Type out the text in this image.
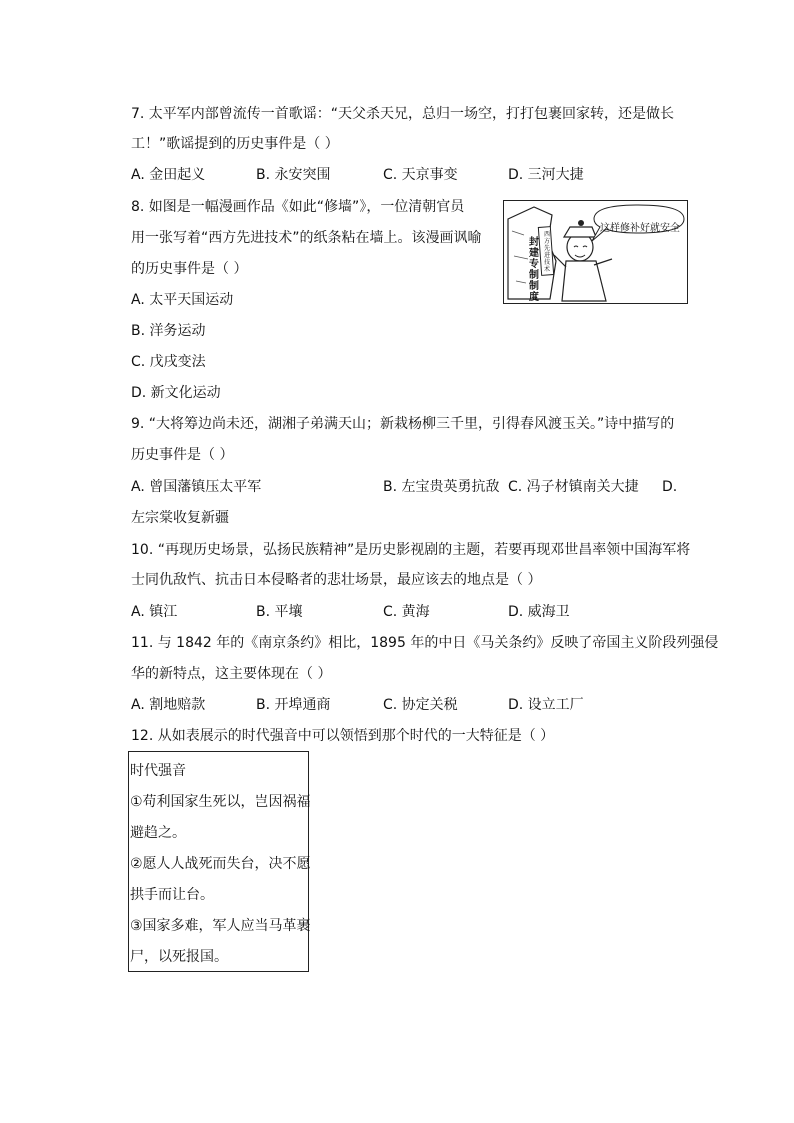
7. 太平军内部曾流传一首歌谣：“天父杀天兄，总归一场空，打打包裹回家转，还是做长
工！”歌谣提到的历史事件是（ ）
A. 金田起义	B. 永安突围	C. 天京事变	D. 三河大捷
8. 如图是一幅漫画作品《如此“修墙”》，一位清朝官员
用一张写着“西方先进技术”的纸条粘在墙上。该漫画讽喻
的历史事件是（ ）
A. 太平天国运动
B. 洋务运动
C. 戊戌变法
D. 新文化运动
这样修补好就安全
封建专制制度
西方先进技术
9. “大将筹边尚未还，湖湘子弟满天山；新栽杨柳三千里，引得春风渡玉关。”诗中描写的
历史事件是（ ）
A. 曾国藩镇压太平军	B. 左宝贵英勇抗敌 C. 冯子材镇南关大捷 D.
左宗棠收复新疆
10. “再现历史场景，弘扬民族精神”是历史影视剧的主题，若要再现邓世昌率领中国海军将
士同仇敌忾、抗击日本侵略者的悲壮场景，最应该去的地点是（ ）
A. 镇江	B. 平壤	C. 黄海	D. 威海卫
11. 与 1842 年的《南京条约》相比，1895 年的中日《马关条约》反映了帝国主义阶段列强侵
华的新特点，这主要体现在（ ）
A. 割地赔款	B. 开埠通商	C. 协定关税	D. 设立工厂
12. 从如表展示的时代强音中可以领悟到那个时代的一大特征是（ ）
时代强音
①苟利国家生死以，岂因祸福
避趋之。
②愿人人战死而失台，决不愿
拱手而让台。
③国家多难，军人应当马革裹
尸，以死报国。
